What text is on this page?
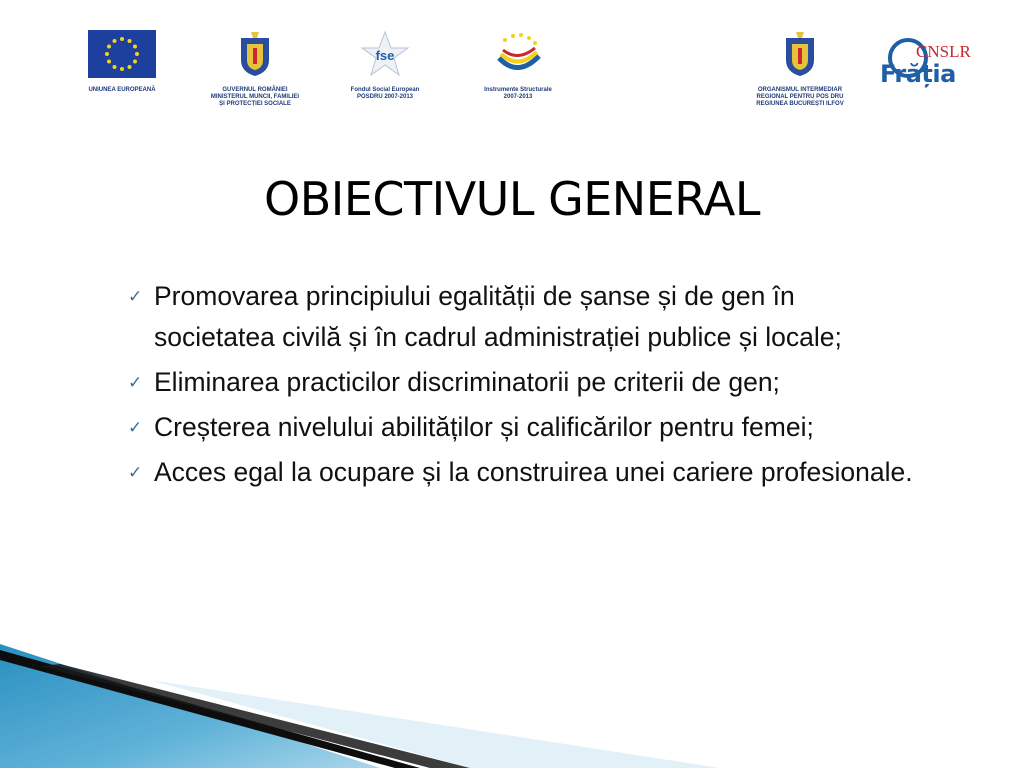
UNIUNEA EUROPEANĂ	GUVERNUL ROMÂNIEI
MINISTERUL MUNCII, FAMILIEI
ȘI PROTECȚIEI SOCIALE
fse
Fondul Social European
POSDRU 2007-2013
Instrumente Structurale
2007-2013
ORGANISMUL INTERMEDIAR
REGIONAL PENTRU POS DRU
REGIUNEA BUCUREȘTI ILFOV
CNSLR
Frăția
OBIECTIVUL GENERAL
✓ Promovarea principiului egalității de șanse și de gen în societatea civilă și în cadrul administrației publice și locale;
✓ Eliminarea practicilor discriminatorii pe criterii de gen;
✓ Creșterea nivelului abilităților și calificărilor pentru femei;
✓ Acces egal la ocupare și la construirea unei cariere profesionale.
